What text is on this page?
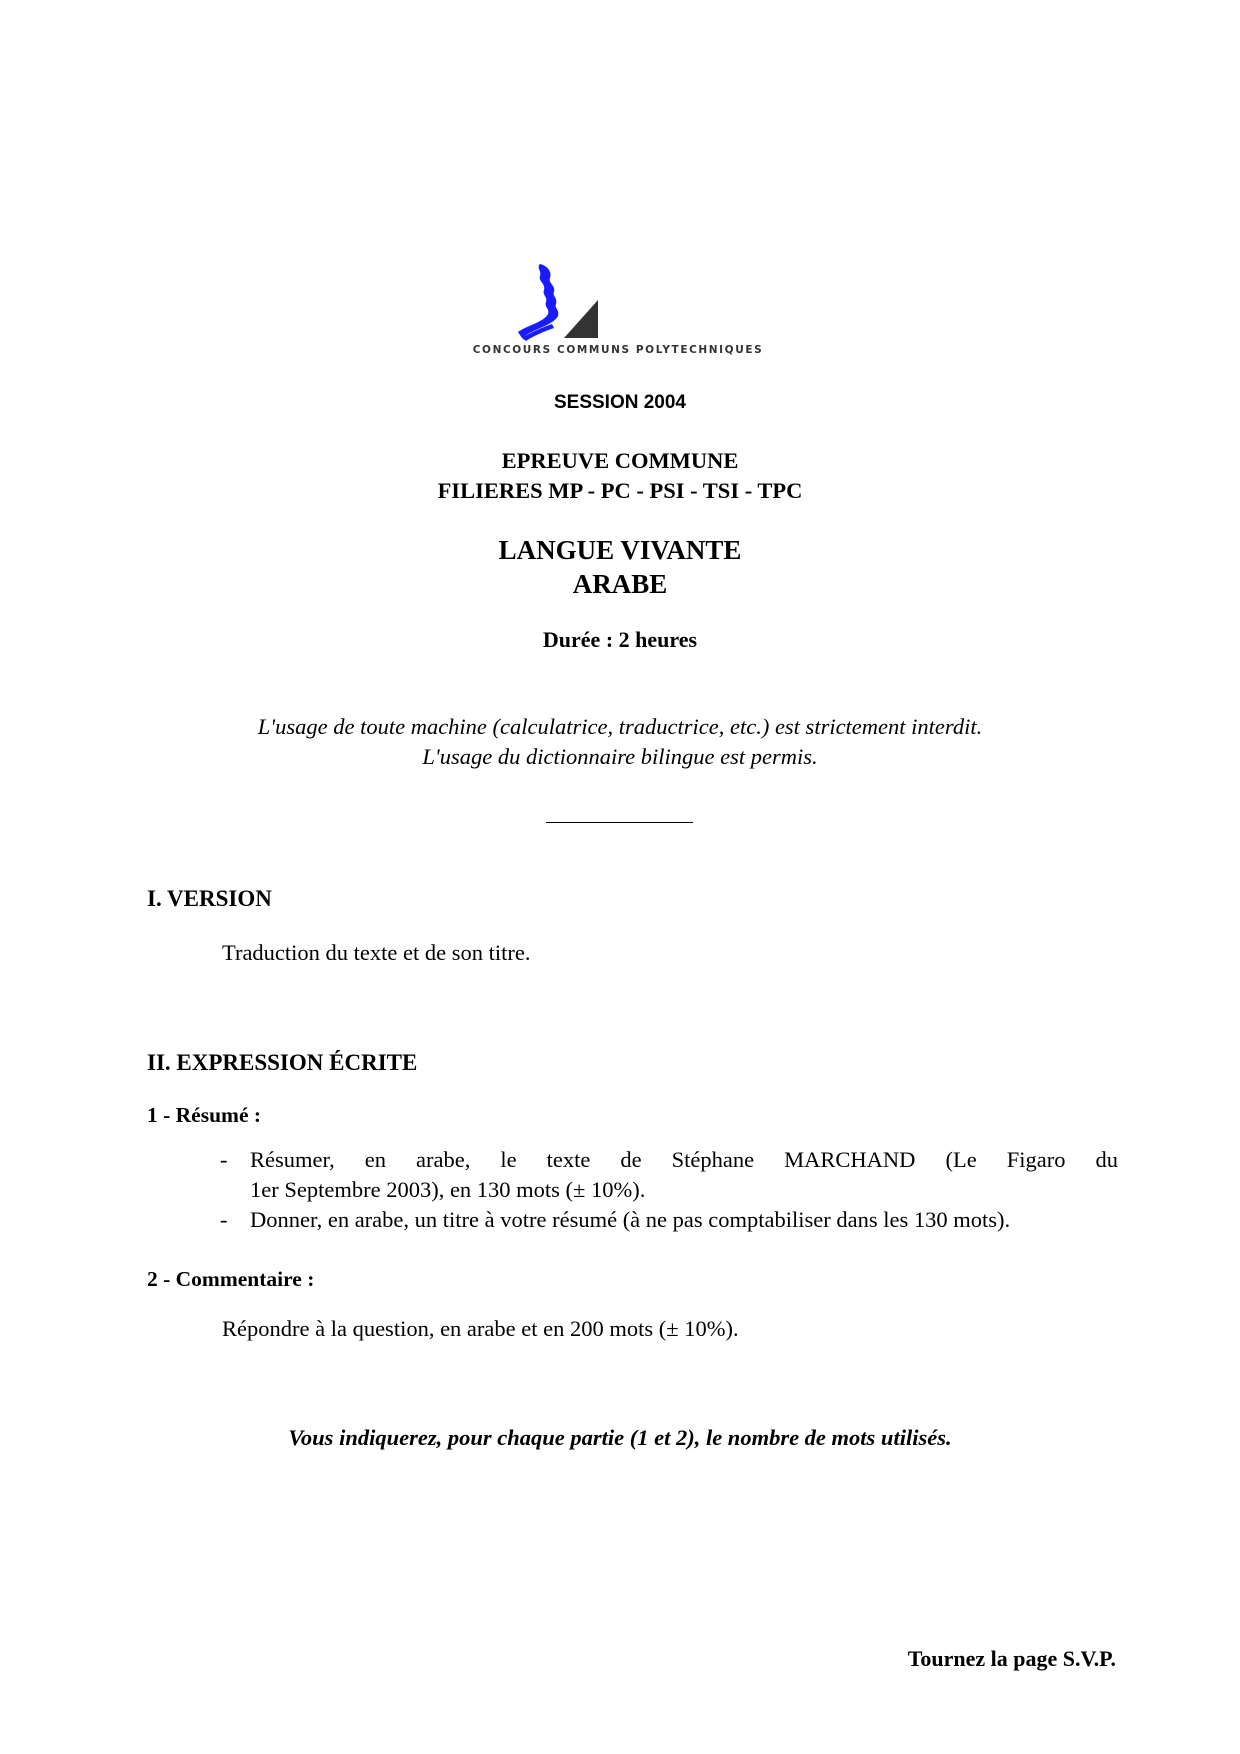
CONCOURS COMMUNS POLYTECHNIQUES
SESSION 2004
EPREUVE COMMUNE
FILIERES MP - PC - PSI - TSI - TPC
LANGUE VIVANTE
ARABE
Durée : 2 heures
L'usage de toute machine (calculatrice, traductrice, etc.) est strictement interdit.
L'usage du dictionnaire bilingue est permis.
I. VERSION
Traduction du texte et de son titre.
II. EXPRESSION ÉCRITE
1 - Résumé :
- Résumer, en arabe, le texte de Stéphane MARCHAND (Le Figaro du
1er Septembre 2003), en 130 mots (± 10%).
- Donner, en arabe, un titre à votre résumé (à ne pas comptabiliser dans les 130 mots).
2 - Commentaire :
Répondre à la question, en arabe et en 200 mots (± 10%).
Vous indiquerez, pour chaque partie (1 et 2), le nombre de mots utilisés.
Tournez la page S.V.P.
